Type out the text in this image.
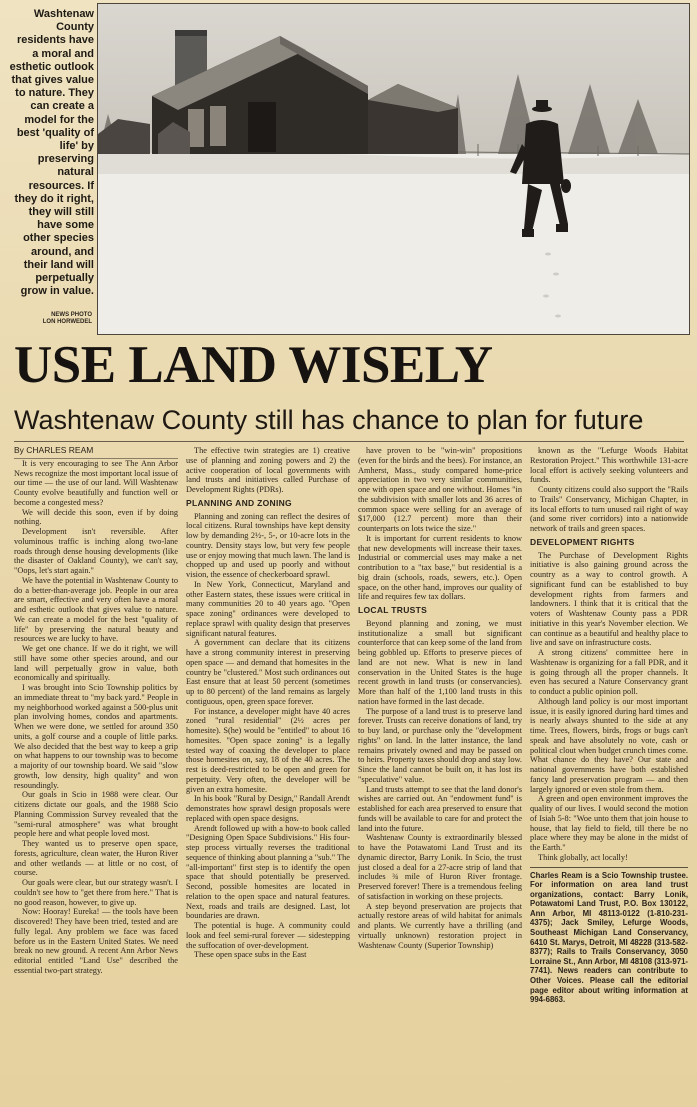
Washtenaw County residents have a moral and esthetic outlook that gives value to nature. They can create a model for the best 'quality of life' by preserving natural resources. If they do it right, they will still have some other species around, and their land will perpetually grow in value.
NEWS PHOTO
LON HORWEDEL
USE LAND WISELY
Washtenaw County still has chance to plan for future

By CHARLES REAM

It is very encouraging to see The Ann Arbor News recognize the most important local issue of our time — the use of our land. Will Washtenaw County evolve beautifully and function well or become a congested mess?

We will decide this soon, even if by doing nothing.

Development isn't reversible. After voluminous traffic is inching along two-lane roads through dense housing developments (like the disaster of Oakland County), we can't say, "Oops, let's start again."

We have the potential in Washtenaw County to do a better-than-average job. People in our area are smart, effective and very often have a moral and esthetic outlook that gives value to nature. We can create a model for the best "quality of life" by preserving the natural beauty and resources we are lucky to have.

We get one chance. If we do it right, we will still have some other species around, and our land will perpetually grow in value, both economically and spiritually.

I was brought into Scio Township politics by an immediate threat to "my back yard." People in my neighborhood worked against a 500-plus unit plan involving homes, condos and apartments. When we were done, we settled for around 350 units, a golf course and a couple of little parks. We also decided that the best way to keep a grip on what happens to our township was to become a majority of our township board. We said "slow growth, low density, high quality" and won resoundingly.

Our goals in Scio in 1988 were clear. Our citizens dictate our goals, and the 1988 Scio Planning Commission Survey revealed that the "semi-rural atmosphere" was what brought people here and what people loved most.

They wanted us to preserve open space, forests, agriculture, clean water, the Huron River and other wetlands — at little or no cost, of course.

Our goals were clear, but our strategy wasn't. I couldn't see how to "get there from here." That is no good reason, however, to give up.

Now: Hooray! Eureka! — the tools have been discovered! They have been tried, tested and are fully legal. Any problem we face was faced before us in the Eastern United States. We need break no new ground. A recent Ann Arbor News editorial entitled "Land Use" described the essential two-part strategy.

The effective twin strategies are 1) creative use of planning and zoning powers and 2) the active cooperation of local governments with land trusts and initiatives called Purchase of Development Rights (PDRs).

PLANNING AND ZONING

Planning and zoning can reflect the desires of local citizens. Rural townships have kept density low by demanding 2½-, 5-, or 10-acre lots in the country. Density stays low, but very few people use or enjoy mowing that much lawn. The land is chopped up and used up poorly and without vision, the essence of checkerboard sprawl.

In New York, Connecticut, Maryland and other Eastern states, these issues were critical in many communities 20 to 40 years ago. "Open space zoning" ordinances were developed to replace sprawl with quality design that preserves significant natural features.

A government can declare that its citizens have a strong community interest in preserving open space — and demand that homesites in the country be "clustered." Most such ordinances out East ensure that at least 50 percent (sometimes up to 80 percent) of the land remains as largely contiguous, open, green space forever.

For instance, a developer might have 40 acres zoned "rural residential" (2½ acres per homesite). S(he) would be "entitled" to about 16 homesites. "Open space zoning" is a legally tested way of coaxing the developer to place those homesites on, say, 18 of the 40 acres. The rest is deed-restricted to be open and green for perpetuity. Very often, the developer will be given an extra homesite.

In his book "Rural by Design," Randall Arendt demonstrates how sprawl design proposals were replaced with open space designs.

Arendt followed up with a how-to book called "Designing Open Space Subdivisions." His four-step process virtually reverses the traditional sequence of thinking about planning a "sub." The "all-important" first step is to identify the open space that should potentially be preserved. Second, possible homesites are located in relation to the open space and natural features. Next, roads and trails are designed. Last, lot boundaries are drawn.

The potential is huge. A community could look and feel semi-rural forever — sidestepping the suffocation of over-development.

These open space subs in the East

have proven to be "win-win" propositions (even for the birds and the bees). For instance, an Amherst, Mass., study compared home-price appreciation in two very similar communities, one with open space and one without. Homes "in the subdivision with smaller lots and 36 acres of common space were selling for an average of $17,000 (12.7 percent) more than their counterparts on lots twice the size."

It is important for current residents to know that new developments will increase their taxes. Industrial or commercial uses may make a net contribution to a "tax base," but residential is a big drain (schools, roads, sewers, etc.). Open space, on the other hand, improves our quality of life and requires few tax dollars.

LOCAL TRUSTS

Beyond planning and zoning, we must institutionalize a small but significant counterforce that can keep some of the land from being gobbled up. Efforts to preserve pieces of land are not new. What is new in land conservation in the United States is the huge recent growth in land trusts (or conservancies). More than half of the 1,100 land trusts in this nation have formed in the last decade.

The purpose of a land trust is to preserve land forever. Trusts can receive donations of land, try to buy land, or purchase only the "development rights" on land. In the latter instance, the land remains privately owned and may be passed on to heirs. Property taxes should drop and stay low. Since the land cannot be built on, it has lost its "speculative" value.

Land trusts attempt to see that the land donor's wishes are carried out. An "endowment fund" is established for each area preserved to ensure that funds will be available to care for and protect the land into the future.

Washtenaw County is extraordinarily blessed to have the Potawatomi Land Trust and its dynamic director, Barry Lonik. In Scio, the trust just closed a deal for a 27-acre strip of land that includes ¾ mile of Huron River frontage. Preserved forever! There is a tremendous feeling of satisfaction in working on these projects.

A step beyond preservation are projects that actually restore areas of wild habitat for animals and plants. We currently have a thrilling (and virtually unknown) restoration project in Washtenaw County (Superior Township)

known as the "Lefurge Woods Habitat Restoration Project." This worthwhile 131-acre local effort is actively seeking volunteers and funds.

County citizens could also support the "Rails to Trails" Conservancy, Michigan Chapter, in its local efforts to turn unused rail right of way (and some river corridors) into a nationwide network of trails and green spaces.

DEVELOPMENT RIGHTS

The Purchase of Development Rights initiative is also gaining ground across the country as a way to control growth. A significant fund can be established to buy development rights from farmers and landowners. I think that it is critical that the voters of Washtenaw County pass a PDR initiative in this year's November election. We can continue as a beautiful and healthy place to live and save on infrastructure costs.

A strong citizens' committee here in Washtenaw is organizing for a fall PDR, and it is going through all the proper channels. It even has secured a Nature Conservancy grant to conduct a public opinion poll.

Although land policy is our most important issue, it is easily ignored during hard times and is nearly always shunted to the side at any time. Trees, flowers, birds, frogs or bugs can't speak and have absolutely no vote, cash or political clout when budget crunch times come. What chance do they have? Our state and national governments have both established fancy land preservation program — and then largely ignored or even stole from them.

A green and open environment improves the quality of our lives. I would second the motion of Isiah 5-8: "Woe unto them that join house to house, that lay field to field, till there be no place where they may be alone in the midst of the Earth."

Think globally, act locally!

Charles Ream is a Scio Township trustee. For information on area land trust organizations, contact: Barry Lonik, Potawatomi Land Trust, P.O. Box 130122, Ann Arbor, MI 48113-0122 (1-810-231-4375); Jack Smiley, Lefurge Woods, Southeast Michigan Land Conservancy, 6410 St. Marys, Detroit, MI 48228 (313-582-8377); Rails to Trails Conservancy, 3050 Lorraine St., Ann Arbor, MI 48108 (313-971-7741). News readers can contribute to Other Voices. Please call the editorial page editor about writing information at 994-6863.
